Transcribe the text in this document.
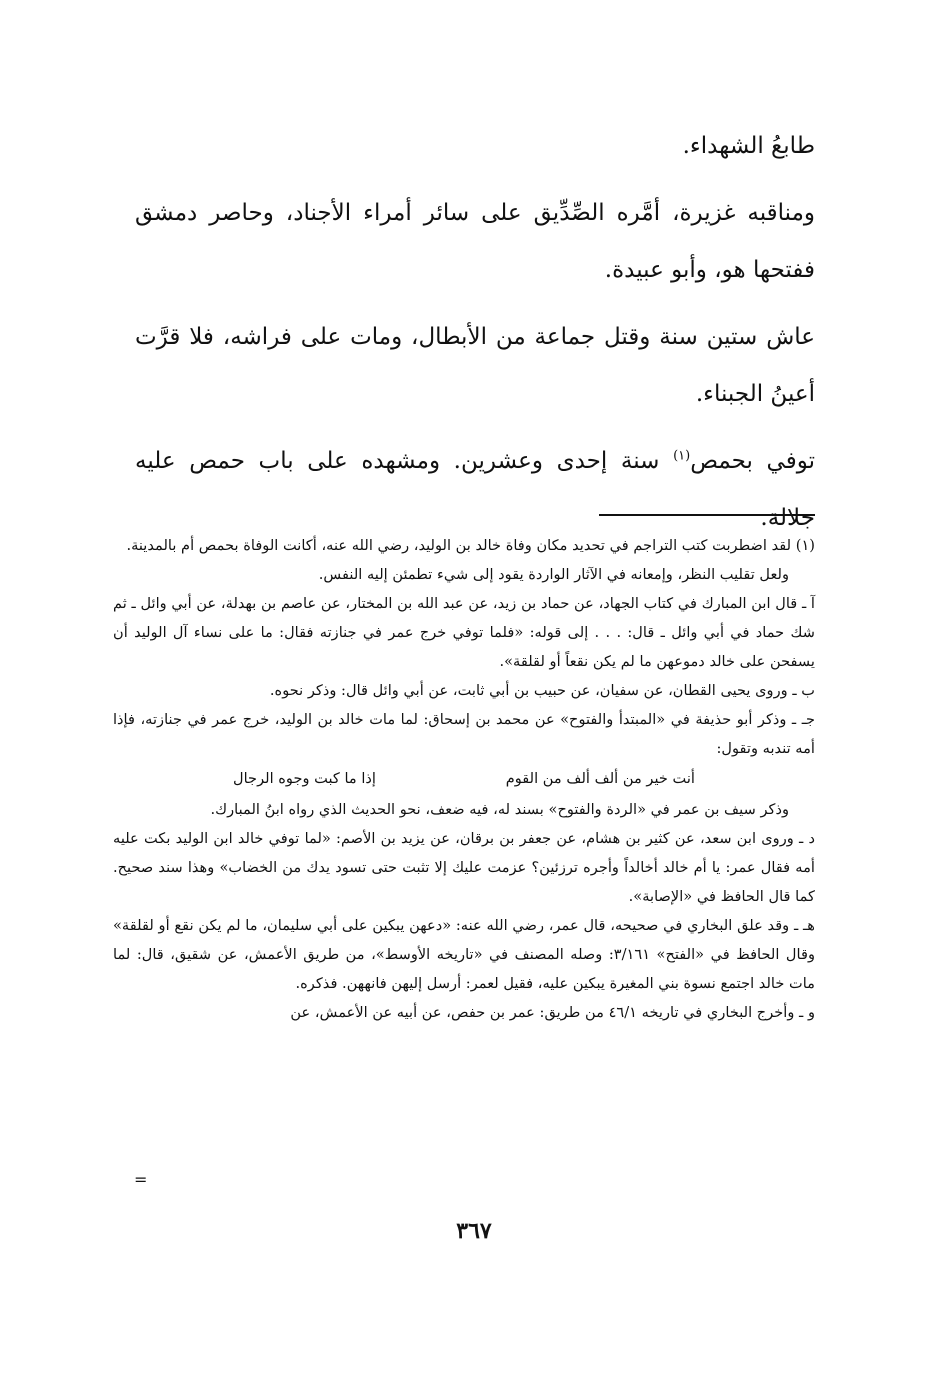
طابعُ الشهداء.

ومناقبه غزيرة، أمَّره الصِّدِّيق على سائر أمراء الأجناد، وحاصر دمشق ففتحها هو، وأبو عبيدة.

عاش ستين سنة وقتل جماعة من الأبطال، ومات على فراشه، فلا قرَّت أعينُ الجبناء.

توفي بحمص$^{(١)}$ سنة إحدى وعشرين. ومشهده على باب حمص عليه جلالة.

(١) لقد اضطربت كتب التراجم في تحديد مكان وفاة خالد بن الوليد، رضي الله عنه، أكانت الوفاة بحمص أم بالمدينة.

ولعل تقليب النظر، وإمعانه في الآثار الواردة يقود إلى شيء تطمئن إليه النفس.

آ ـ قال ابن المبارك في كتاب الجهاد، عن حماد بن زيد، عن عبد الله بن المختار، عن عاصم بن بهدلة، عن أبي وائل ـ ثم شك حماد في أبي وائل ـ قال: . . . إلى قوله: «فلما توفي خرج عمر في جنازته فقال: ما على نساء آل الوليد أن يسفحن على خالد دموعهن ما لم يكن نقعاً أو لقلقة».

ب ـ وروى يحيى القطان، عن سفيان، عن حبيب بن أبي ثابت، عن أبي وائل قال: وذكر نحوه.

جـ ـ وذكر أبو حذيفة في «المبتدأ والفتوح» عن محمد بن إسحاق: لما مات خالد بن الوليد، خرج عمر في جنازته، فإذا أمه تندبه وتقول:

أنت خير من ألف ألف من القوم
إذا ما كبت وجوه الرجال

وذكر سيف بن عمر في «الردة والفتوح» بسند له، فيه ضعف، نحو الحديث الذي رواه ابنُ المبارك.

د ـ وروى ابن سعد، عن كثير بن هشام، عن جعفر بن برقان، عن يزيد بن الأصم: «لما توفي خالد ابن الوليد بكت عليه أمه فقال عمر: يا أم خالد أخالداً وأجره ترزئين؟ عزمت عليك إلا تثبت حتى تسود يدك من الخضاب» وهذا سند صحيح. كما قال الحافظ في «الإصابة».

هـ ـ وقد علق البخاري في صحيحه، قال عمر، رضي الله عنه: «دعهن يبكين على أبي سليمان، ما لم يكن نقع أو لقلقة» وقال الحافظ في «الفتح» ٣/١٦١: وصله المصنف في «تاريخه الأوسط»، من طريق الأعمش، عن شقيق، قال: لما مات خالد اجتمع نسوة بني المغيرة يبكين عليه، فقيل لعمر: أرسل إليهن فانههن. فذكره.

و ـ وأخرج البخاري في تاريخه ٤٦/١ من طريق: عمر بن حفص، عن أبيه عن الأعمش، عن

=
٣٦٧
